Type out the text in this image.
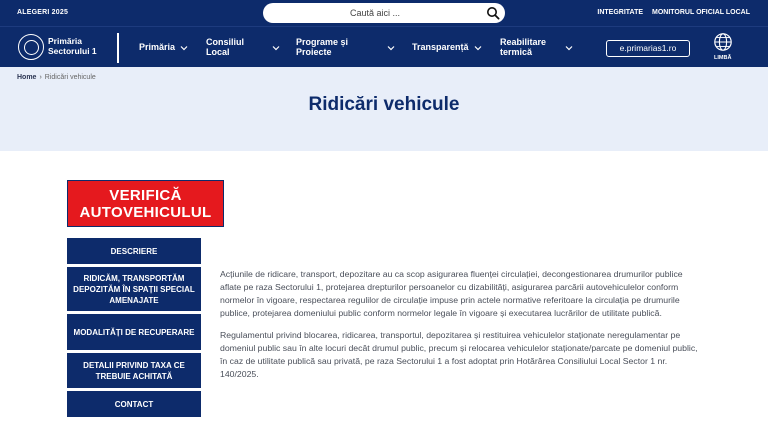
ALEGERI 2025
Caută aici ...	INTEGRITATE MONITORUL OFICIAL LOCAL
Primăria
Sectorului 1	Primăria	Consiliul
Local
Programe și
Proiecte	Transparență	Reabilitare
termică	e.primarias1.ro
LIMBĂ
Home › Ridicări vehicule
Ridicări vehicule
VERIFICĂ
AUTOVEHICULUL
DESCRIERE
RIDICĂM, TRANSPORTĂM DEPOZITĂM ÎN SPAȚII SPECIAL AMENAJATE
MODALITĂȚI DE RECUPERARE
DETALII PRIVIND TAXA CE TREBUIE ACHITATĂ
CONTACT

Acțiunile de ridicare, transport, depozitare au ca scop asigurarea fluenței circulației, decongestionarea drumurilor publice aflate pe raza Sectorului 1, protejarea drepturilor persoanelor cu dizabilități, asigurarea parcării autovehiculelor conform normelor în vigoare, respectarea regulilor de circulație impuse prin actele normative referitoare la circulația pe drumurile publice, protejarea domeniului public conform normelor legale în vigoare și executarea lucrărilor de utilitate publică.

Regulamentul privind blocarea, ridicarea, transportul, depozitarea și restituirea vehiculelor staționate neregulamentar pe domeniul public sau în alte locuri decât drumul public, precum și relocarea vehiculelor staționate/parcate pe domeniul public, în caz de utilitate publică sau privată, pe raza Sectorului 1 a fost adoptat prin Hotărârea Consiliului Local Sector 1 nr. 140/2025.
